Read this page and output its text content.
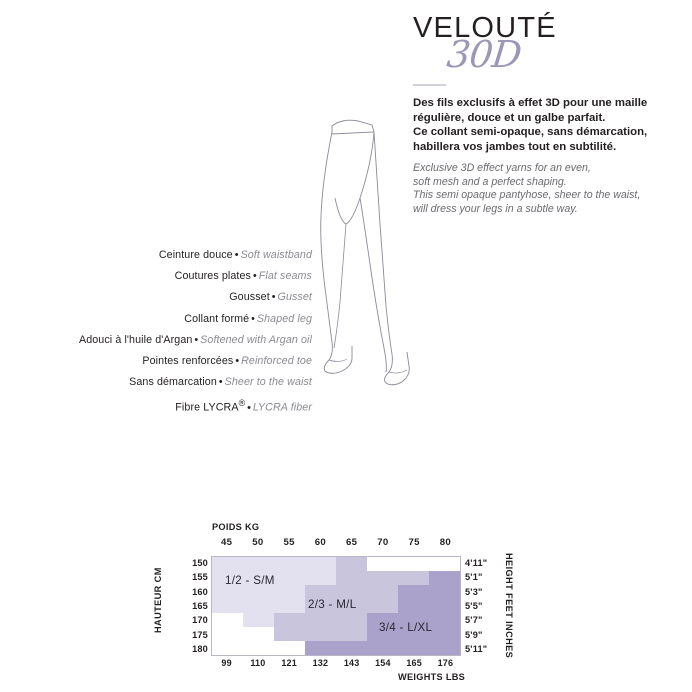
VELOUTÉ
30D
Des fils exclusifs à effet 3D pour une maille
régulière, douce et un galbe parfait.
Ce collant semi-opaque, sans démarcation,
habillera vos jambes tout en subtilité.
Exclusive 3D effect yarns for an even,
soft mesh and a perfect shaping.
This semi opaque pantyhose, sheer to the waist,
will dress your legs in a subtle way.
Ceinture douce • Soft waistband
Coutures plates • Flat seams
Gousset • Gusset
Collant formé • Shaped leg
Adouci à l'huile d'Argan • Softened with Argan oil
Pointes renforcées • Reinforced toe
Sans démarcation • Sheer to the waist
Fibre LYCRA® • LYCRA fiber
POIDS KG
45 50 55 60 65 70 75 80
99 110 121 132 143 154 165 176
WEIGHTS LBS
HAUTEUR CM
150
155
160
165
170
175
180
4'11"
5'1"
5'3"
5'5"
5'7"
5'9"
5'11"	HEIGHT FEET INCHES
1/2 - S/M
2/3 - M/L
3/4 - L/XL
